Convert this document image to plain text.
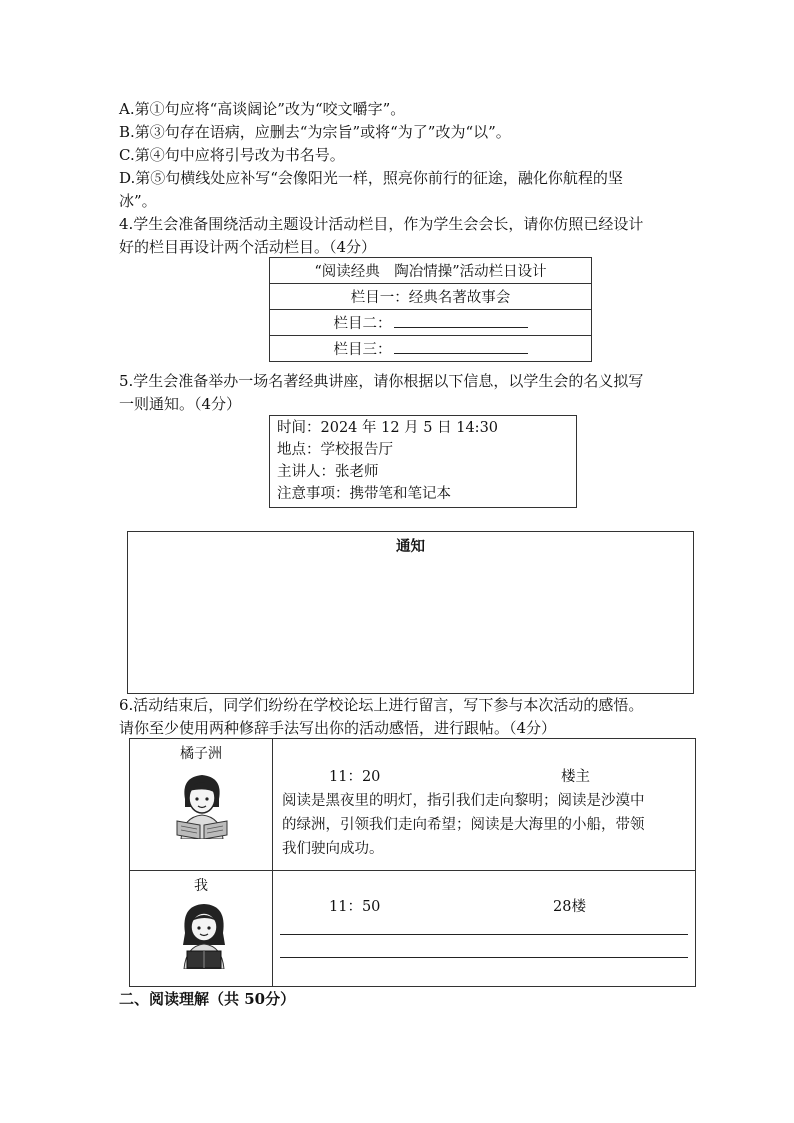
A.第①句应将“高谈阔论”改为“咬文嚼字”。
B.第③句存在语病，应删去“为宗旨”或将“为了”改为“以”。
C.第④句中应将引号改为书名号。
D.第⑤句横线处应补写“会像阳光一样，照亮你前行的征途，融化你航程的坚
冰”。
4.学生会准备围绕活动主题设计活动栏目，作为学生会会长，请你仿照已经设计
好的栏目再设计两个活动栏目。（4分）
“阅读经典　陶冶情操”活动栏日设计
栏目一：经典名著故事会
栏目二：
栏目三：
5.学生会准备举办一场名著经典讲座，请你根据以下信息，以学生会的名义拟写
一则通知。（4分）
时间：2024 年 12 月 5 日 14:30
地点：学校报告厅
主讲人：张老师
注意事项：携带笔和笔记本
通知
6.活动结束后，同学们纷纷在学校论坛上进行留言，写下参与本次活动的感悟。
请你至少使用两种修辞手法写出你的活动感悟，进行跟帖。（4分）
橘子洲
11：20	楼主
阅读是黑夜里的明灯，指引我们走向黎明；阅读是沙漠中
的绿洲，引领我们走向希望；阅读是大海里的小船，带领
我们驶向成功。
我
11：50	28楼
二、阅读理解（共 50分）
